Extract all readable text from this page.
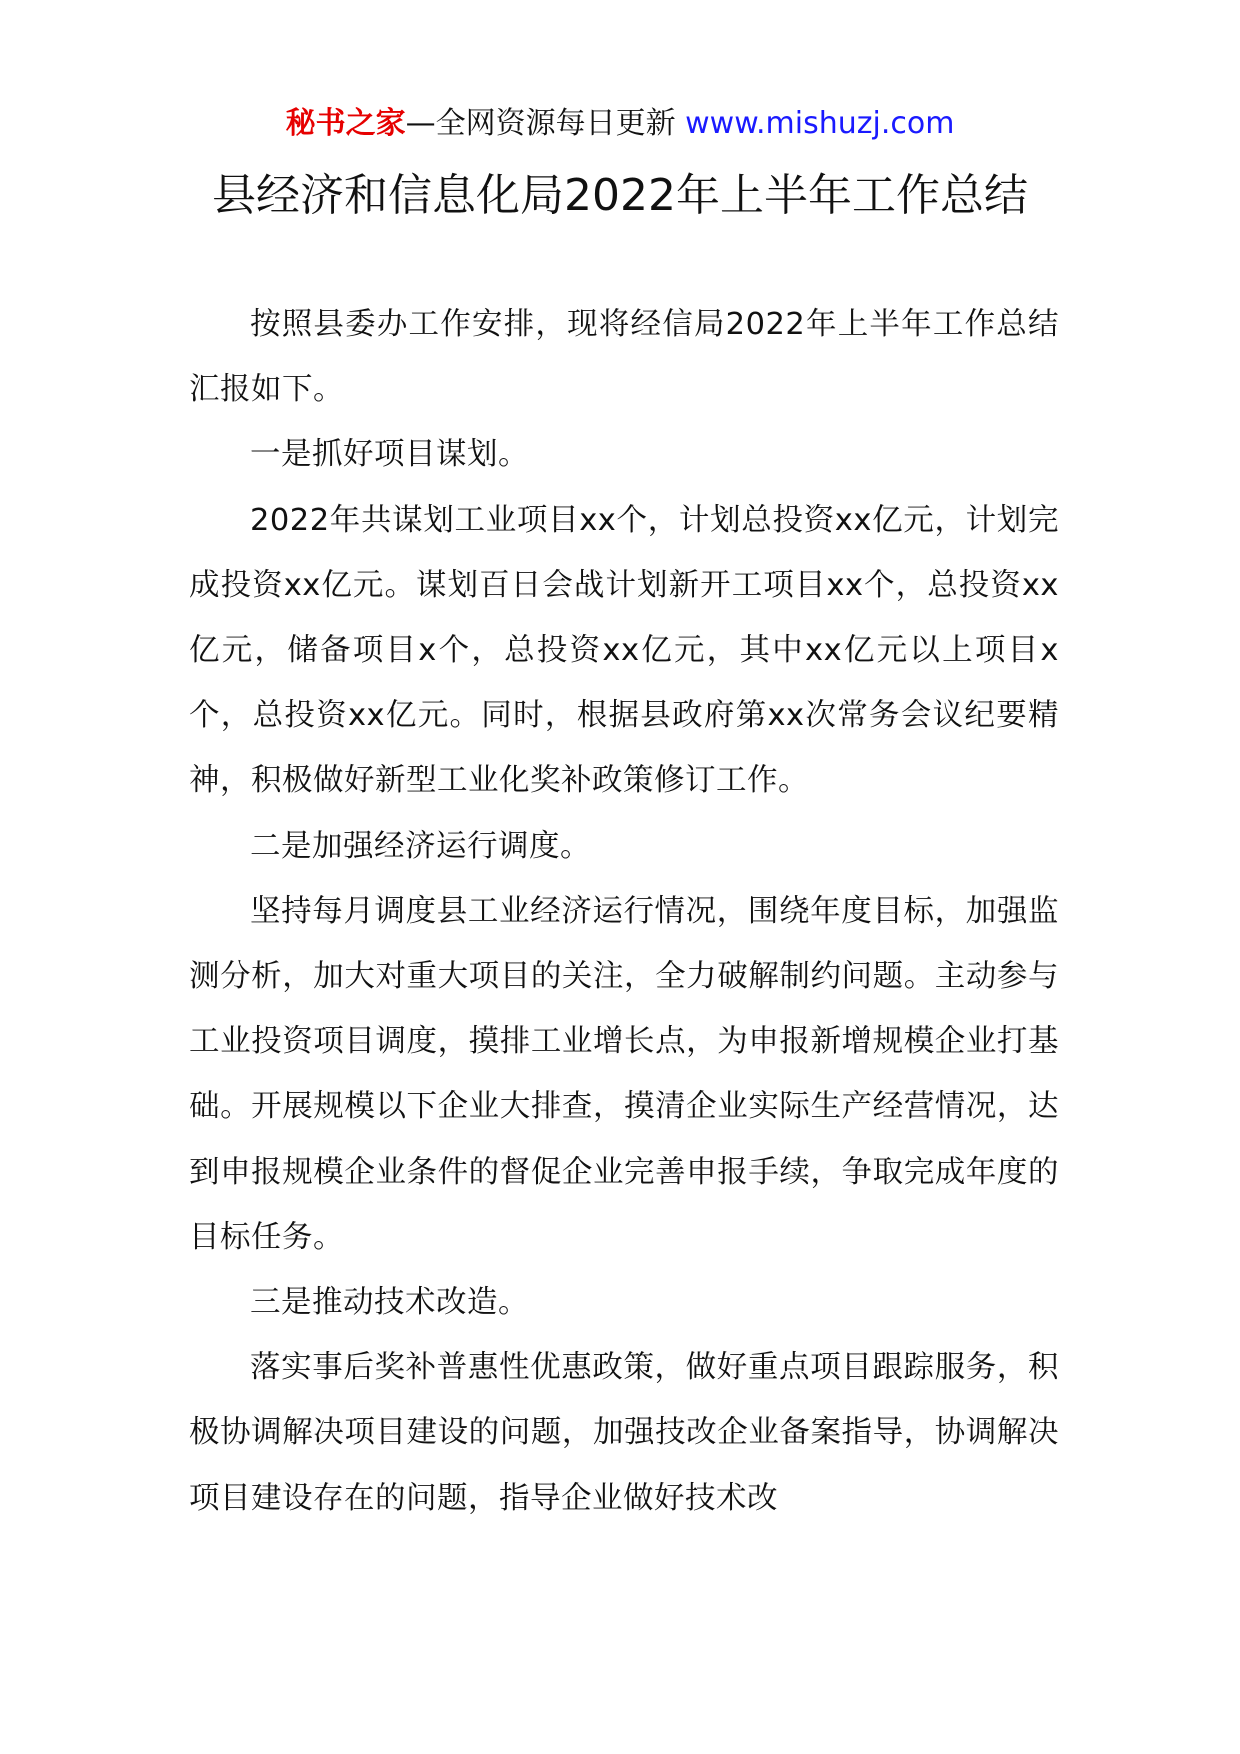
秘书之家—全网资源每日更新 www.mishuzj.com
县经济和信息化局2022年上半年工作总结

按照县委办工作安排，现将经信局2022年上半年工作总结汇报如下。

一是抓好项目谋划。

2022年共谋划工业项目xx个，计划总投资xx亿元，计划完成投资xx亿元。谋划百日会战计划新开工项目xx个，总投资xx亿元，储备项目x个，总投资xx亿元，其中xx亿元以上项目x个，总投资xx亿元。同时，根据县政府第xx次常务会议纪要精神，积极做好新型工业化奖补政策修订工作。

二是加强经济运行调度。

坚持每月调度县工业经济运行情况，围绕年度目标，加强监测分析，加大对重大项目的关注，全力破解制约问题。主动参与工业投资项目调度，摸排工业增长点，为申报新增规模企业打基础。开展规模以下企业大排查，摸清企业实际生产经营情况，达到申报规模企业条件的督促企业完善申报手续，争取完成年度的目标任务。

三是推动技术改造。

落实事后奖补普惠性优惠政策，做好重点项目跟踪服务，积极协调解决项目建设的问题，加强技改企业备案指导，协调解决项目建设存在的问题，指导企业做好技术改
